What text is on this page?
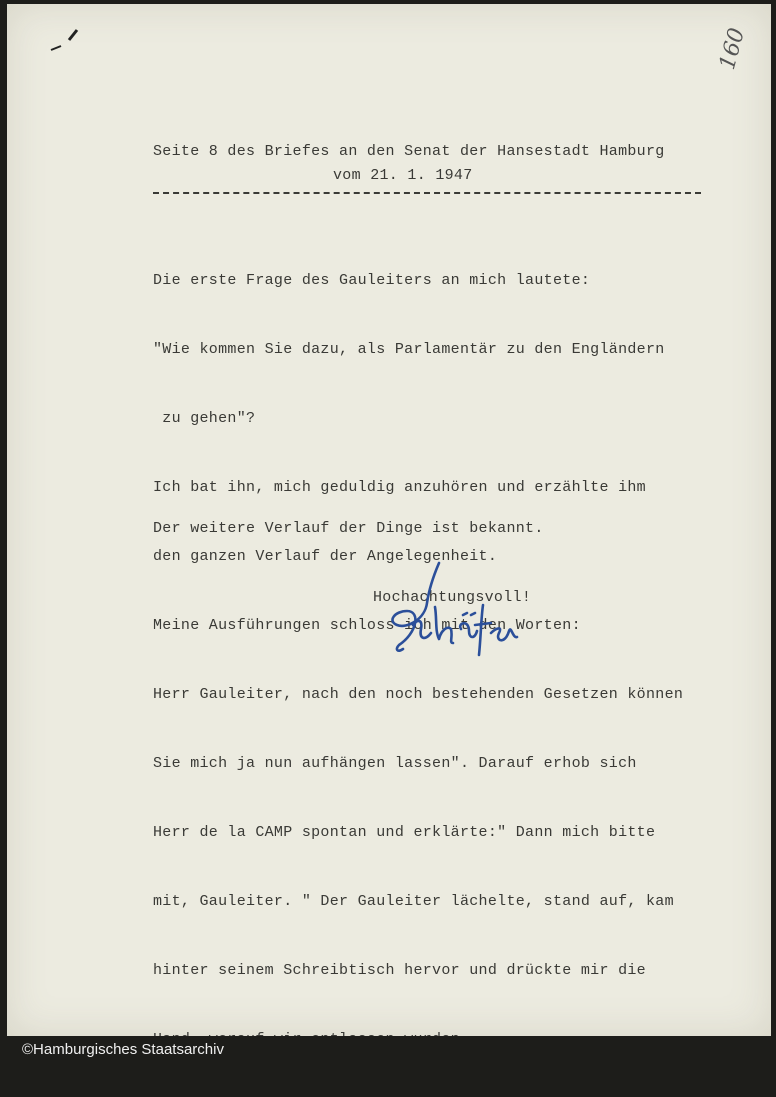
160
Seite 8 des Briefes an den Senat der Hansestadt Hamburg
vom 21. 1. 1947

Die erste Frage des Gauleiters an mich lautete:

"Wie kommen Sie dazu, als Parlamentär zu den Engländern

zu gehen"?

Ich bat ihn, mich geduldig anzuhören und erzählte ihm

den ganzen Verlauf der Angelegenheit.

Meine Ausführungen schloss ich mit den Worten:

Herr Gauleiter, nach den noch bestehenden Gesetzen können

Sie mich ja nun aufhängen lassen". Darauf erhob sich

Herr de la CAMP spontan und erklärte:" Dann mich bitte

mit, Gauleiter. " Der Gauleiter lächelte, stand auf, kam

hinter seinem Schreibtisch hervor und drückte mir die

Der weitere Verlauf der Dinge ist bekannt.
Hochachtungsvoll!
©Hamburgisches Staatsarchiv
